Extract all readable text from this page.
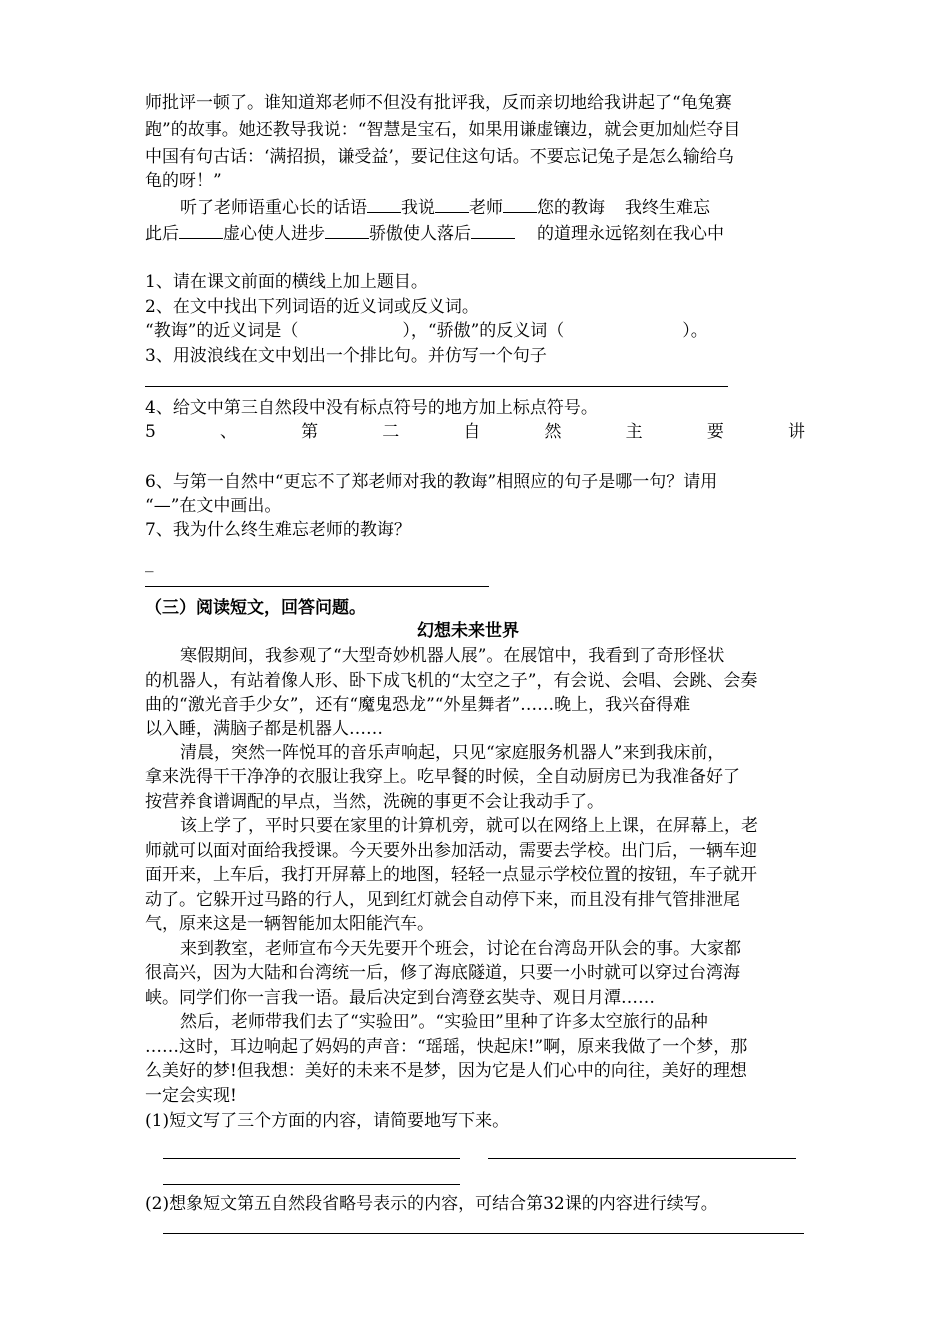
师批评一顿了。谁知道郑老师不但没有批评我，反而亲切地给我讲起了“龟兔赛
跑”的故事。她还教导我说：“智慧是宝石，如果用谦虚镶边，就会更加灿烂夺目
中国有句古话：‘满招损，谦受益’，要记住这句话。不要忘记兔子是怎么输给乌
龟的呀！”
听了老师语重心长的话语 我说 老师 您的教诲 我终生难忘
此后	虚心使人进步	骄傲使人落后	的道理永远铭刻在我心中
1、请在课文前面的横线上加上题目。
2、在文中找出下列词语的近义词或反义词。
“教诲”的近义词是（	），“骄傲”的反义词（	）。
3、用波浪线在文中划出一个排比句。并仿写一个句子
4、给文中第三自然段中没有标点符号的地方加上标点符号。
5	、	第	二	自	然	主	要	讲
6、与第一自然中“更忘不了郑老师对我的教诲”相照应的句子是哪一句？请用
“—”在文中画出。
7、我为什么终生难忘老师的教诲？
_
（三）阅读短文，回答问题。
幻想未来世界
寒假期间，我参观了“大型奇妙机器人展”。在展馆中，我看到了奇形怪状
的机器人，有站着像人形、卧下成飞机的“太空之子”，有会说、会唱、会跳、会奏
曲的“激光音手少女”，还有“魔鬼恐龙”“外星舞者”……晚上，我兴奋得难
以入睡，满脑子都是机器人……
清晨，突然一阵悦耳的音乐声响起，只见“家庭服务机器人”来到我床前，
拿来洗得干干净净的衣服让我穿上。吃早餐的时候，全自动厨房已为我准备好了
按营养食谱调配的早点，当然，洗碗的事更不会让我动手了。
该上学了，平时只要在家里的计算机旁，就可以在网络上上课，在屏幕上，老
师就可以面对面给我授课。今天要外出参加活动，需要去学校。出门后，一辆车迎
面开来，上车后，我打开屏幕上的地图，轻轻一点显示学校位置的按钮，车子就开
动了。它躲开过马路的行人，见到红灯就会自动停下来，而且没有排气管排泄尾
气，原来这是一辆智能加太阳能汽车。
来到教室，老师宣布今天先要开个班会，讨论在台湾岛开队会的事。大家都
很高兴，因为大陆和台湾统一后，修了海底隧道，只要一小时就可以穿过台湾海
峡。同学们你一言我一语。最后决定到台湾登玄奘寺、观日月潭……
然后，老师带我们去了“实验田”。“实验田”里种了许多太空旅行的品种
……这时，耳边响起了妈妈的声音：“瑶瑶，快起床!”啊，原来我做了一个梦，那
么美好的梦!但我想：美好的未来不是梦，因为它是人们心中的向往，美好的理想
一定会实现!
(1)短文写了三个方面的内容，请简要地写下来。
(2)想象短文第五自然段省略号表示的内容，可结合第32课的内容进行续写。
